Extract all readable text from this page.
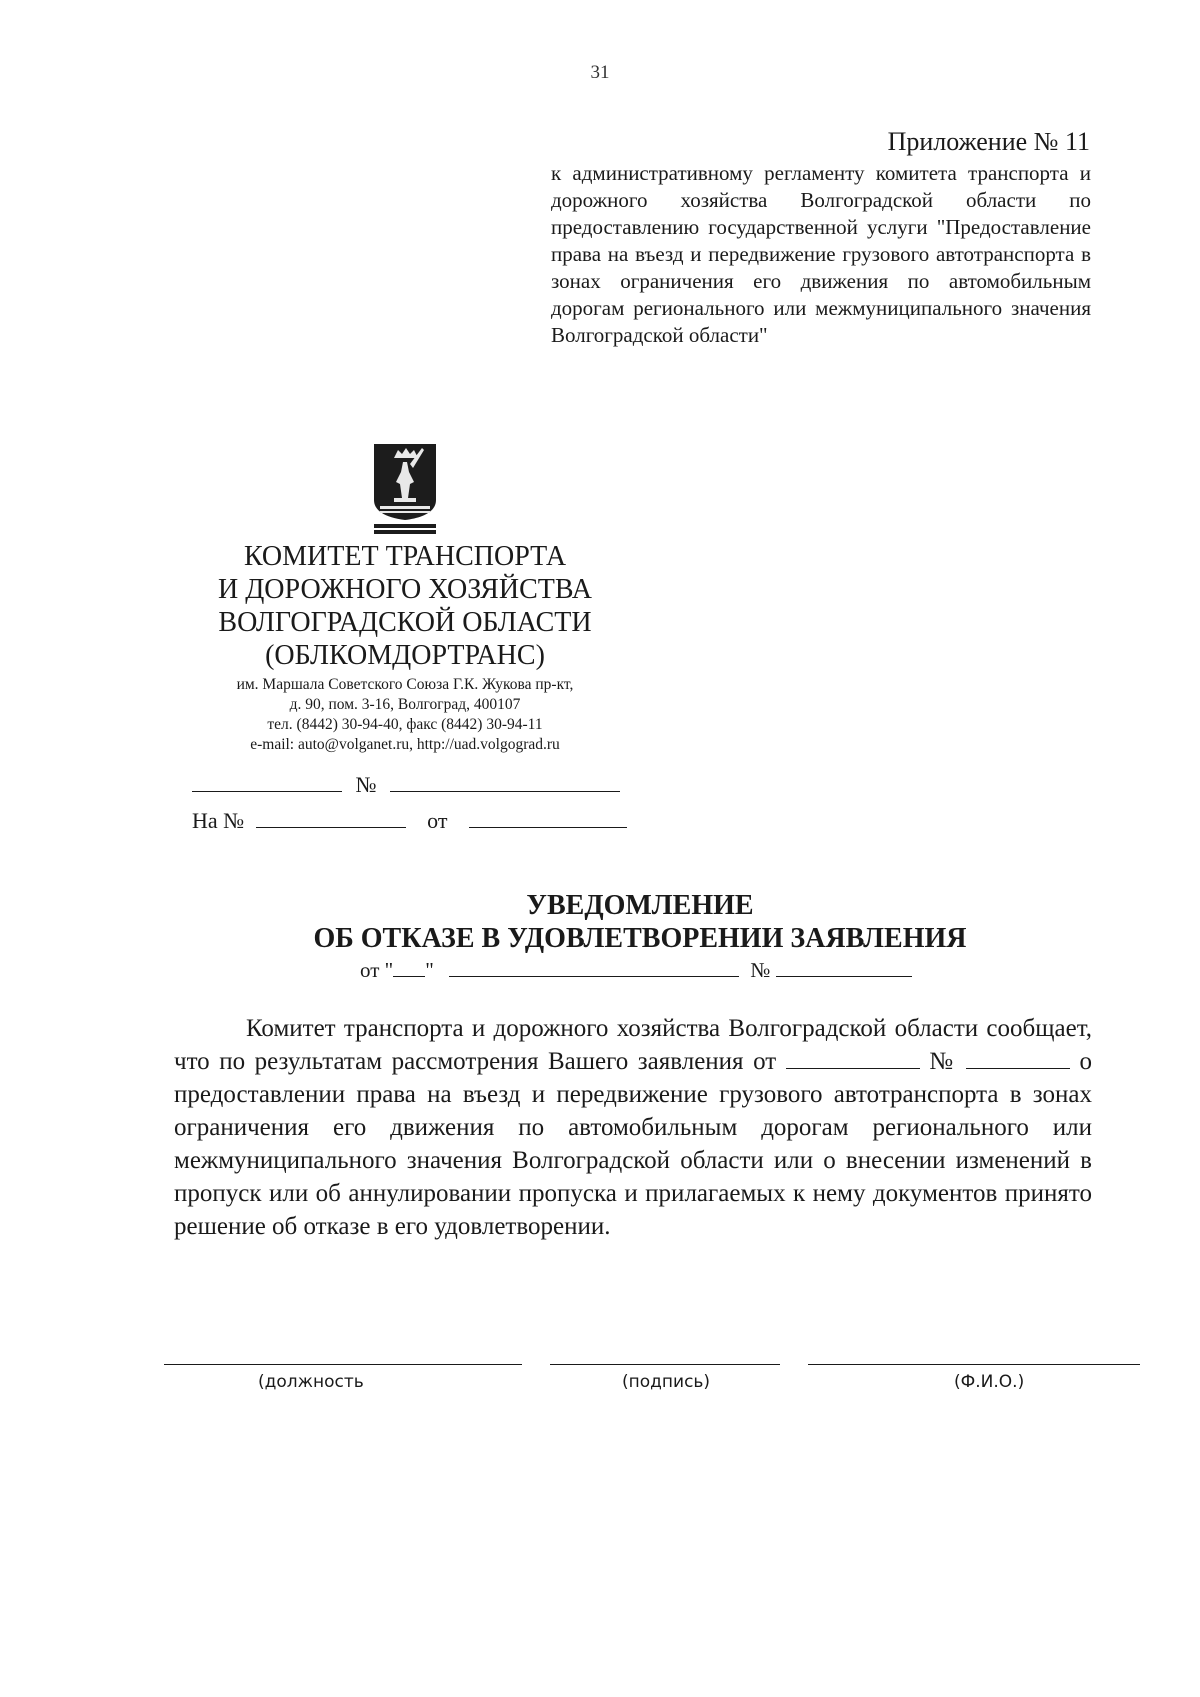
31
Приложение № 11
к административному регламенту комитета транспорта и дорожного хозяйства Волгоградской области по предоставлению государственной услуги "Предоставление права на въезд и передвижение грузового автотранспорта в зонах ограничения его движения по автомобильным дорогам регионального или межмуниципального значения Волгоградской области"
КОМИТЕТ ТРАНСПОРТА
И ДОРОЖНОГО ХОЗЯЙСТВА
ВОЛГОГРАДСКОЙ ОБЛАСТИ
(ОБЛКОМДОРТРАНС)
им. Маршала Советского Союза Г.К. Жукова пр-кт,
д. 90, пом. 3-16, Волгоград, 400107
тел. (8442) 30-94-40, факс (8442) 30-94-11
e-mail: auto@volganet.ru, http://uad.volgograd.ru
№
На №	от
УВЕДОМЛЕНИЕ
ОБ ОТКАЗЕ В УДОВЛЕТВОРЕНИИ ЗАЯВЛЕНИЯ
от " "	№
Комитет транспорта и дорожного хозяйства Волгоградской области сообщает, что по результатам рассмотрения Вашего заявления от	№	о предоставлении права на въезд и передвижение грузового автотранспорта в зонах ограничения его движения по автомобильным дорогам регионального или межмуниципального значения Волгоградской области или о внесении изменений в пропуск или об аннулировании пропуска и прилагаемых к нему документов принято решение об отказе в его удовлетворении.
(должность	(подпись)	(Ф.И.О.)
